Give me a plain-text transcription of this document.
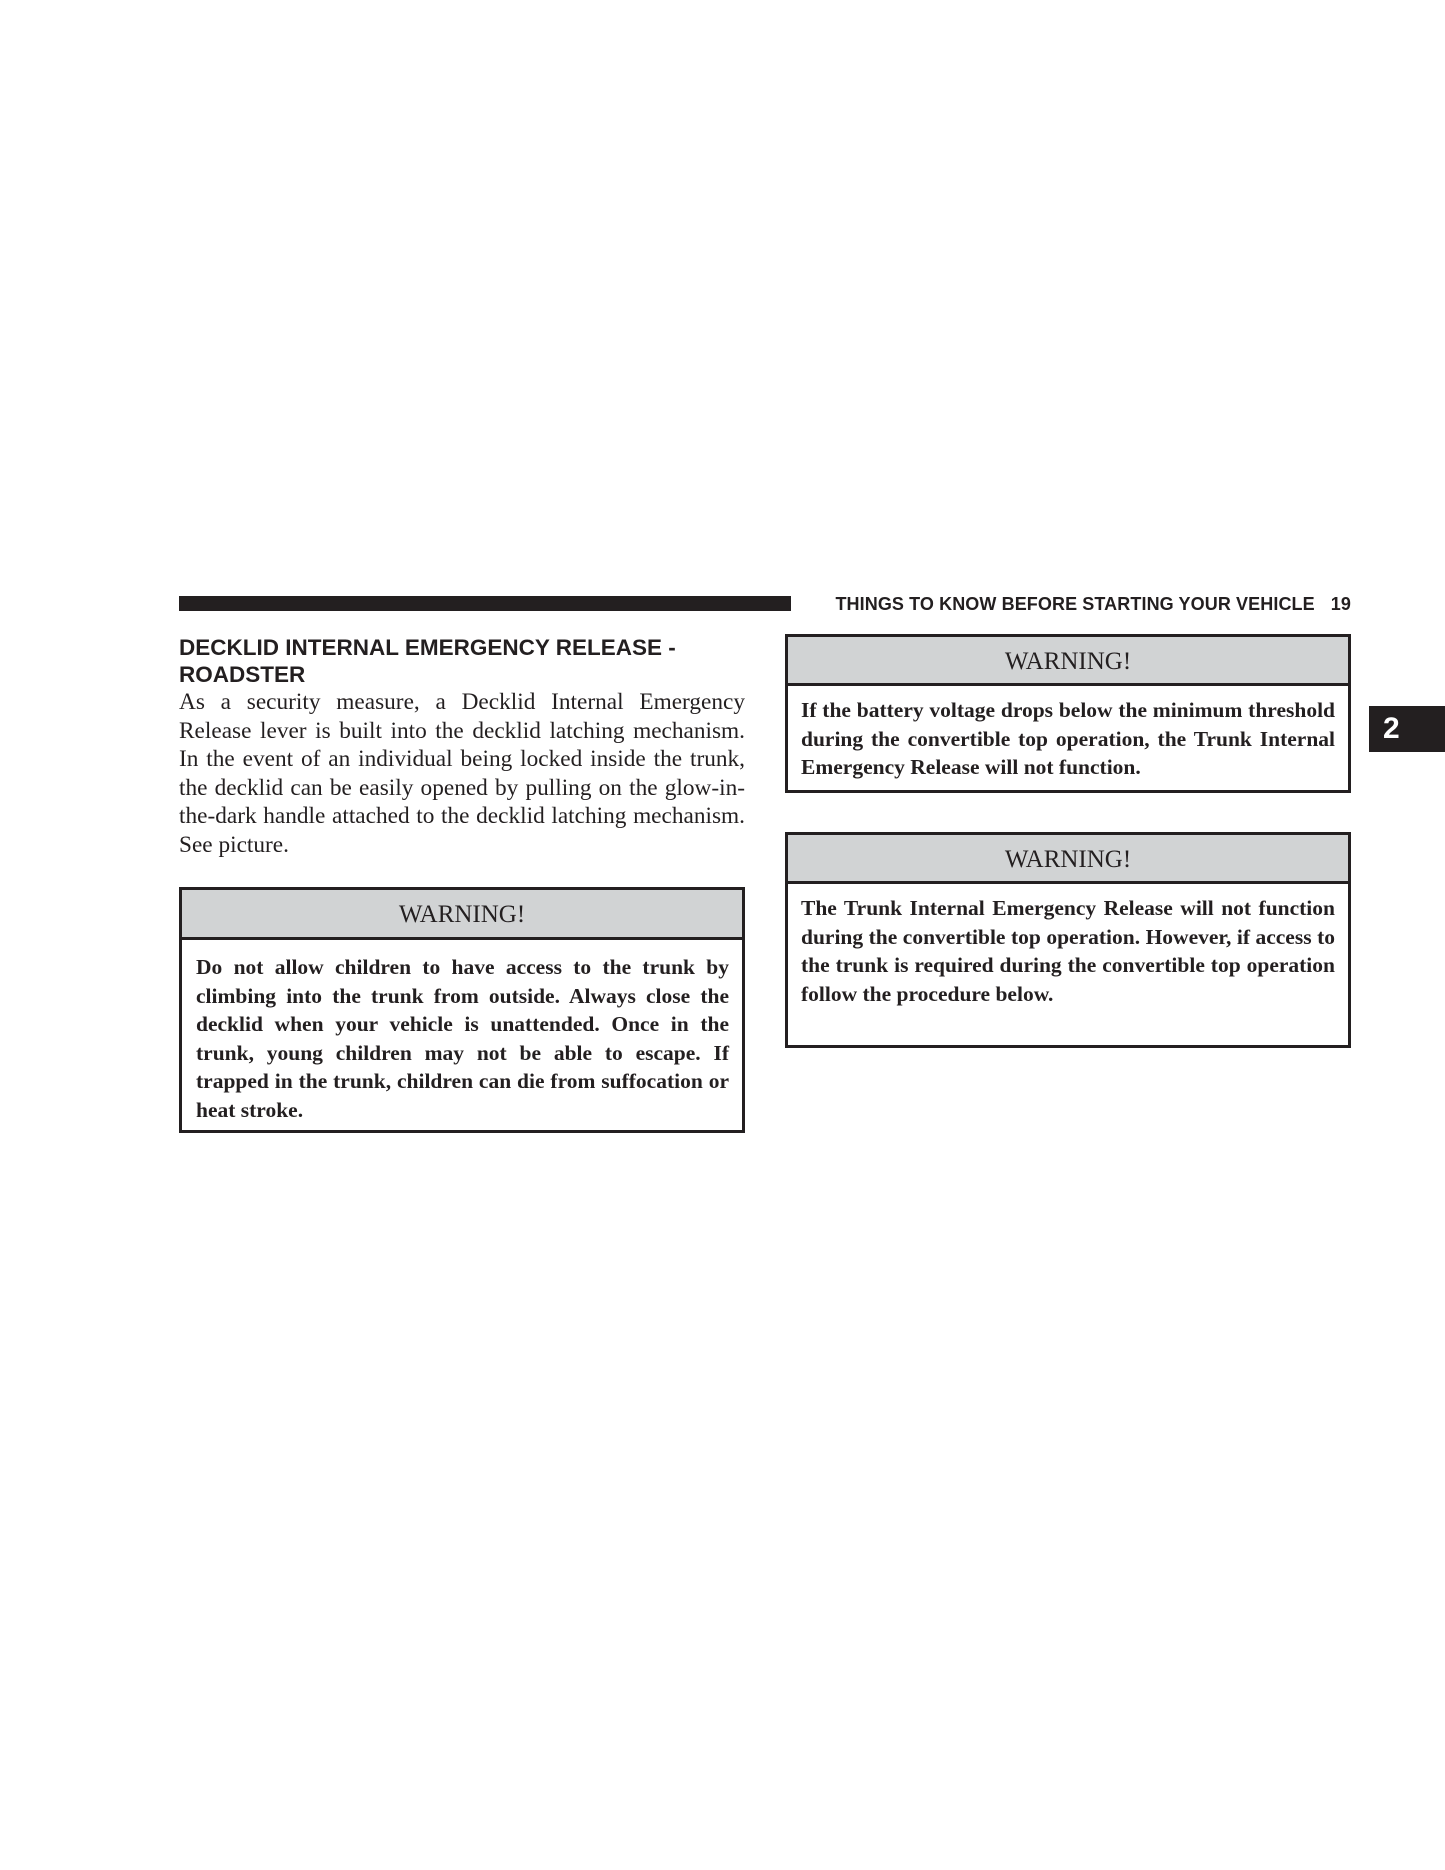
THINGS TO KNOW BEFORE STARTING YOUR VEHICLE 19
2
DECKLID INTERNAL EMERGENCY RELEASE - ROADSTER
As a security measure, a Decklid Internal Emergency Release lever is built into the decklid latching mechanism. In the event of an individual being locked inside the trunk, the decklid can be easily opened by pulling on the glow-in-the-dark handle attached to the decklid latching mechanism. See picture.
WARNING!
Do not allow children to have access to the trunk by climbing into the trunk from outside. Always close the decklid when your vehicle is unattended. Once in the trunk, young children may not be able to escape. If trapped in the trunk, children can die from suffocation or heat stroke.
WARNING!
If the battery voltage drops below the minimum threshold during the convertible top operation, the Trunk Internal Emergency Release will not function.
WARNING!
The Trunk Internal Emergency Release will not function during the convertible top operation. However, if access to the trunk is required during the convertible top operation follow the procedure below.
